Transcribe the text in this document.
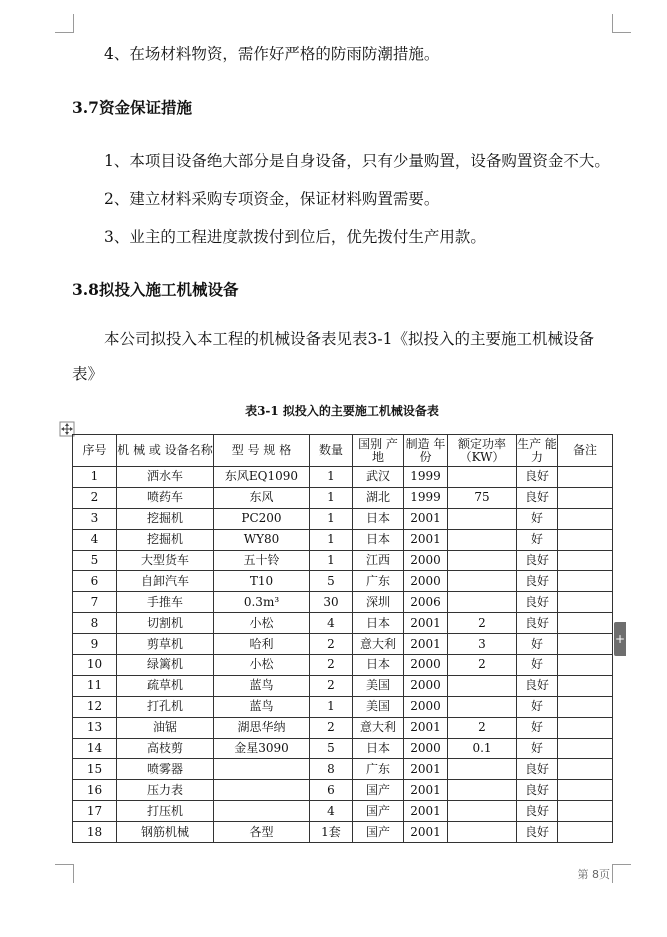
4、在场材料物资，需作好严格的防雨防潮措施。
3.7资金保证措施
1、本项目设备绝大部分是自身设备，只有少量购置，设备购置资金不大。
2、建立材料采购专项资金，保证材料购置需要。
3、业主的工程进度款拨付到位后，优先拨付生产用款。
3.8拟投入施工机械设备
本公司拟投入本工程的机械设备表见表3-1《拟投入的主要施工机械设备表》
表3-1 拟投入的主要施工机械设备表
序号	机 械 或 设备名称	型 号 规 格	数量	国别 产地	制造 年份	额定功率（KW）	生产 能力	备注
1	洒水车	东风EQ1090	1	武汉	1999		良好	
2	喷药车	东风	1	湖北	1999	75	良好	
3	挖掘机	PC200	1	日本	2001		好	
4	挖掘机	WY80	1	日本	2001		好	
5	大型货车	五十铃	1	江西	2000		良好	
6	自卸汽车	T10	5	广东	2000		良好	
7	手推车	0.3m³	30	深圳	2006		良好	
8	切割机	小松	4	日本	2001	2	良好	
9	剪草机	哈利	2	意大利	2001	3	好	
10	绿篱机	小松	2	日本	2000	2	好	
11	疏草机	蓝鸟	2	美国	2000		良好	
12	打孔机	蓝鸟	1	美国	2000		好	
13	油锯	湖思华纳	2	意大利	2001	2	好	
14	高枝剪	金星3090	5	日本	2000	0.1	好	
15	喷雾器		8	广东	2001		良好	
16	压力表		6	国产	2001		良好	
17	打压机		4	国产	2001		良好	
18	钢筋机械	各型	1套	国产	2001		良好	
+
第 8页
